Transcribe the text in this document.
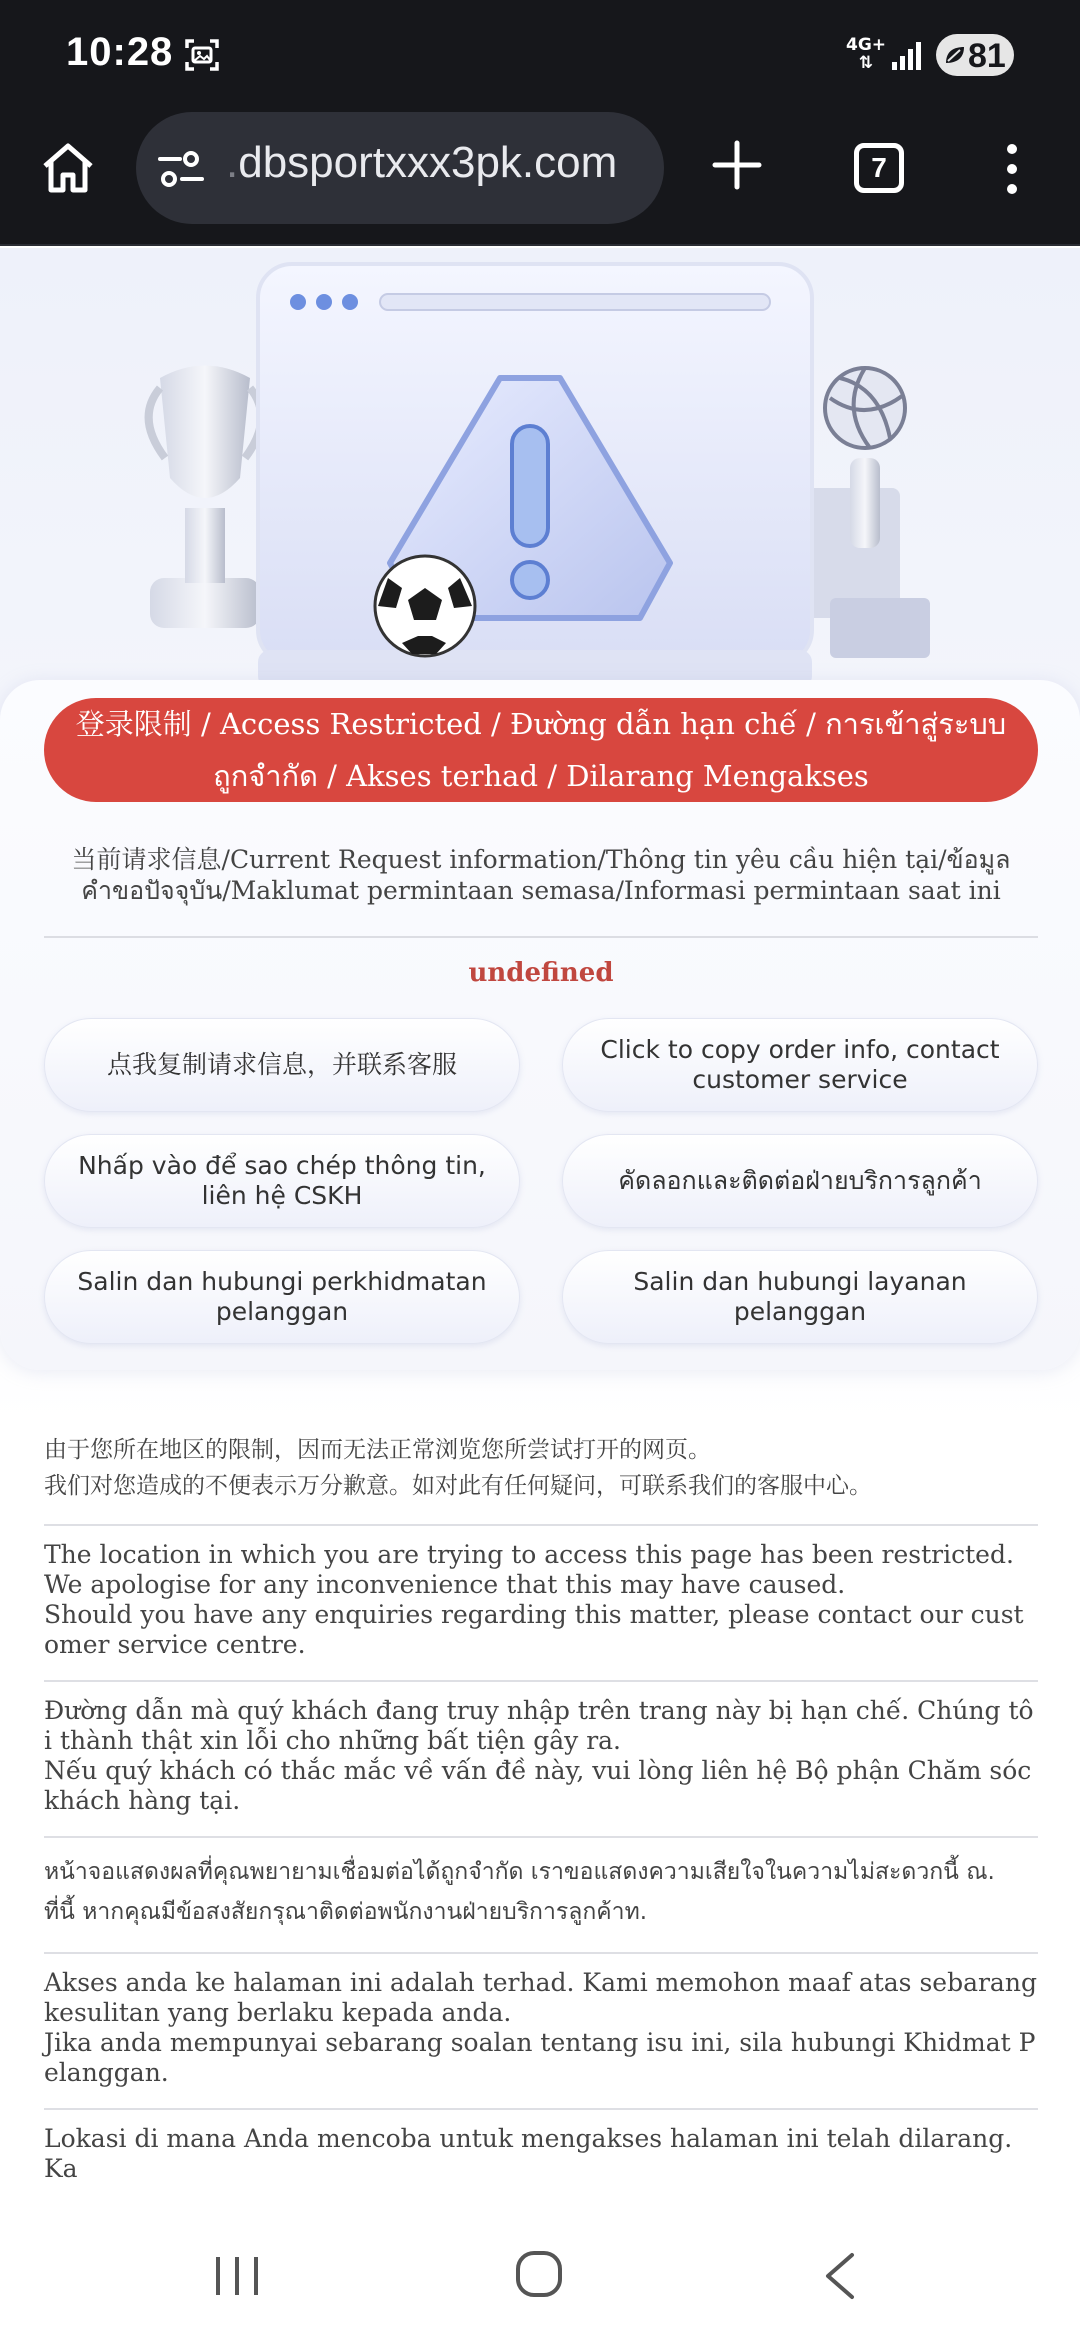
10:28	4G+
⇅	81
.dbsportxxx3pk.com	7
登录限制 / Access Restricted / Đường dẫn hạn chế / การเข้าสู่ระบบถูกจำกัด / Akses terhad / Dilarang Mengakses
当前请求信息/Current Request information/Thông tin yêu cầu hiện tại/ข้อมูลคำขอปัจจุบัน/Maklumat permintaan semasa/Informasi permintaan saat ini
undefined
点我复制请求信息，并联系客服
Click to copy order info, contact customer service
Nhấp vào để sao chép thông tin, liên hệ CSKH
คัดลอกและติดต่อฝ่ายบริการลูกค้า
Salin dan hubungi perkhidmatan pelanggan
Salin dan hubungi layanan pelanggan

由于您所在地区的限制，因而无法正常浏览您所尝试打开的网页。

我们对您造成的不便表示万分歉意。如对此有任何疑问，可联系我们的客服中心。

The location in which you are trying to access this page has been restricted. We apologise for any inconvenience that this may have caused.

Should you have any enquiries regarding this matter, please contact our customer service centre.

Đường dẫn mà quý khách đang truy nhập trên trang này bị hạn chế. Chúng tôi thành thật xin lỗi cho những bất tiện gây ra.

Nếu quý khách có thắc mắc về vấn đề này, vui lòng liên hệ Bộ phận Chăm sóc khách hàng tại.

หน้าจอแสดงผลที่คุณพยายามเชื่อมต่อได้ถูกจำกัด เราขอแสดงความเสียใจในความไม่สะดวกนี้ ณ.

ที่นี้ หากคุณมีข้อสงสัยกรุณาติดต่อพนักงานฝ่ายบริการลูกค้าท.

Akses anda ke halaman ini adalah terhad. Kami memohon maaf atas sebarang kesulitan yang berlaku kepada anda.

Jika anda mempunyai sebarang soalan tentang isu ini, sila hubungi Khidmat Pelanggan.

Lokasi di mana Anda mencoba untuk mengakses halaman ini telah dilarang. Ka
